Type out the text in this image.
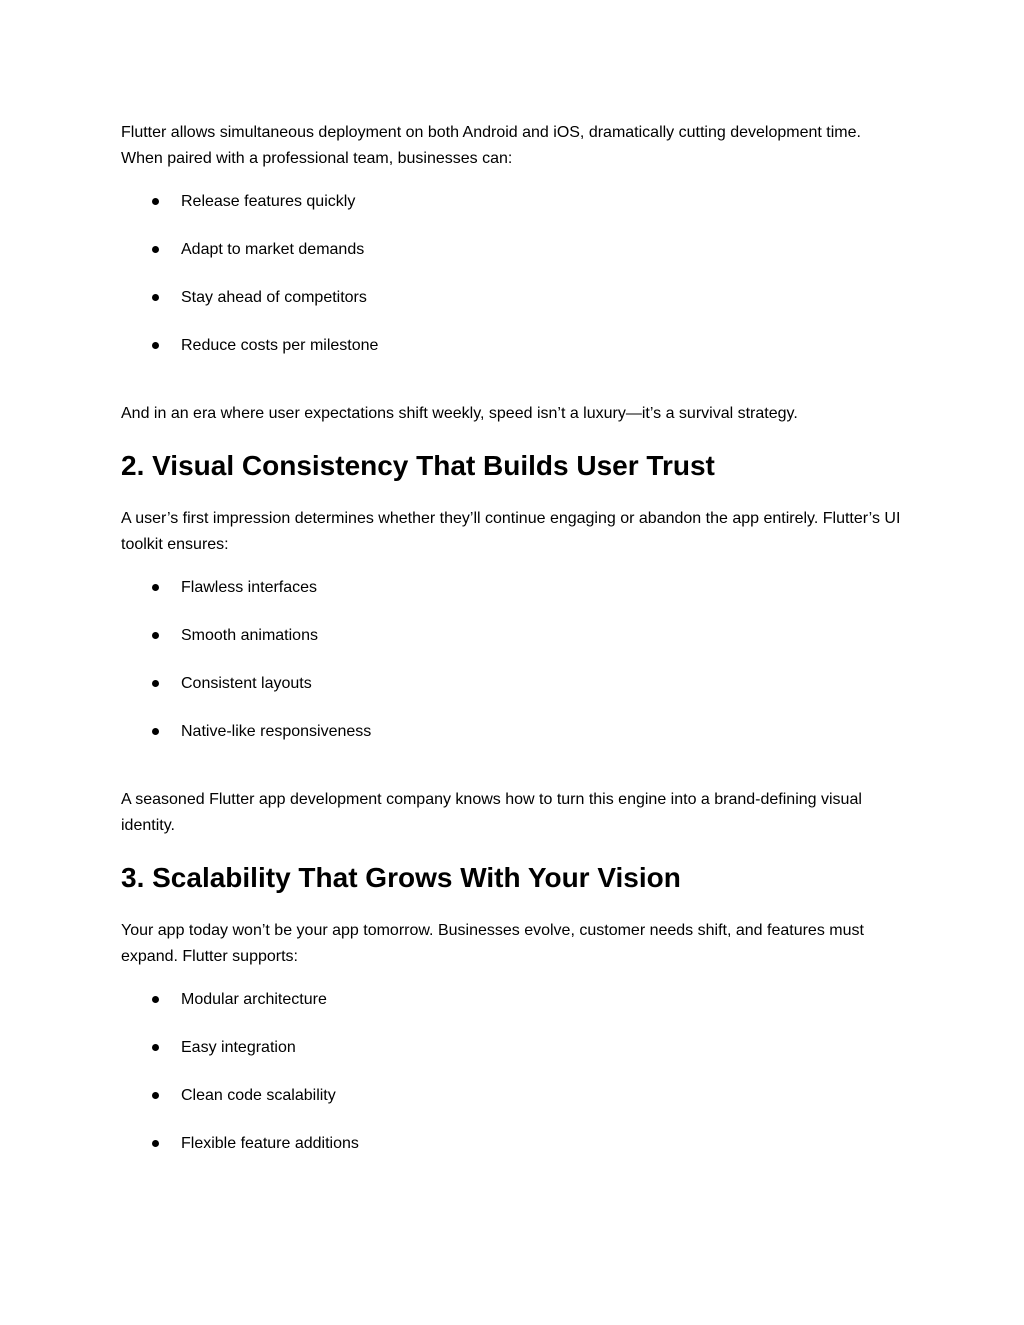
Flutter allows simultaneous deployment on both Android and iOS, dramatically cutting development time. When paired with a professional team, businesses can:

Release features quickly
Adapt to market demands
Stay ahead of competitors
Reduce costs per milestone

And in an era where user expectations shift weekly, speed isn’t a luxury—it’s a survival strategy.

2. Visual Consistency That Builds User Trust

A user’s first impression determines whether they’ll continue engaging or abandon the app entirely. Flutter’s UI toolkit ensures:

Flawless interfaces
Smooth animations
Consistent layouts
Native-like responsiveness

A seasoned Flutter app development company knows how to turn this engine into a brand-defining visual identity.

3. Scalability That Grows With Your Vision

Your app today won’t be your app tomorrow. Businesses evolve, customer needs shift, and features must expand. Flutter supports:

Modular architecture
Easy integration
Clean code scalability
Flexible feature additions
